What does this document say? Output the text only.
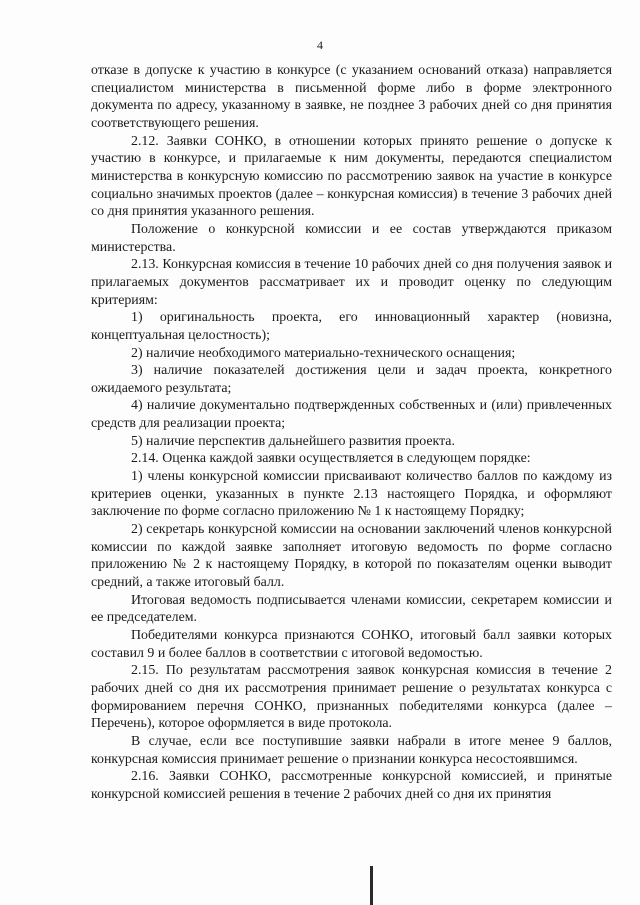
4

отказе в допуске к участию в конкурсе (с указанием оснований отказа) направляется специалистом министерства в письменной форме либо в форме электронного документа по адресу, указанному в заявке, не позднее 3 рабочих дней со дня принятия соответствующего решения.

2.12. Заявки СОНКО, в отношении которых принято решение о допуске к участию в конкурсе, и прилагаемые к ним документы, передаются специалистом министерства в конкурсную комиссию по рассмотрению заявок на участие в конкурсе социально значимых проектов (далее – конкурсная комиссия) в течение 3 рабочих дней со дня принятия указанного решения.

Положение о конкурсной комиссии и ее состав утверждаются приказом министерства.

2.13. Конкурсная комиссия в течение 10 рабочих дней со дня получения заявок и прилагаемых документов рассматривает их и проводит оценку по следующим критериям:

1) оригинальность проекта, его инновационный характер (новизна, концептуальная целостность);

2) наличие необходимого материально-технического оснащения;

3) наличие показателей достижения цели и задач проекта, конкретного ожидаемого результата;

4) наличие документально подтвержденных собственных и (или) привлеченных средств для реализации проекта;

5) наличие перспектив дальнейшего развития проекта.

2.14. Оценка каждой заявки осуществляется в следующем порядке:

1) члены конкурсной комиссии присваивают количество баллов по каждому из критериев оценки, указанных в пункте 2.13 настоящего Порядка, и оформляют заключение по форме согласно приложению № 1 к настоящему Порядку;

2) секретарь конкурсной комиссии на основании заключений членов конкурсной комиссии по каждой заявке заполняет итоговую ведомость по форме согласно приложению № 2 к настоящему Порядку, в которой по показателям оценки выводит средний, а также итоговый балл.

Итоговая ведомость подписывается членами комиссии, секретарем комиссии и ее председателем.

Победителями конкурса признаются СОНКО, итоговый балл заявки которых составил 9 и более баллов в соответствии с итоговой ведомостью.

2.15. По результатам рассмотрения заявок конкурсная комиссия в течение 2 рабочих дней со дня их рассмотрения принимает решение о результатах конкурса с формированием перечня СОНКО, признанных победителями конкурса (далее – Перечень), которое оформляется в виде протокола.

В случае, если все поступившие заявки набрали в итоге менее 9 баллов, конкурсная комиссия принимает решение о признании конкурса несостоявшимся.

2.16. Заявки СОНКО, рассмотренные конкурсной комиссией, и принятые конкурсной комиссией решения в течение 2 рабочих дней со дня их принятия
